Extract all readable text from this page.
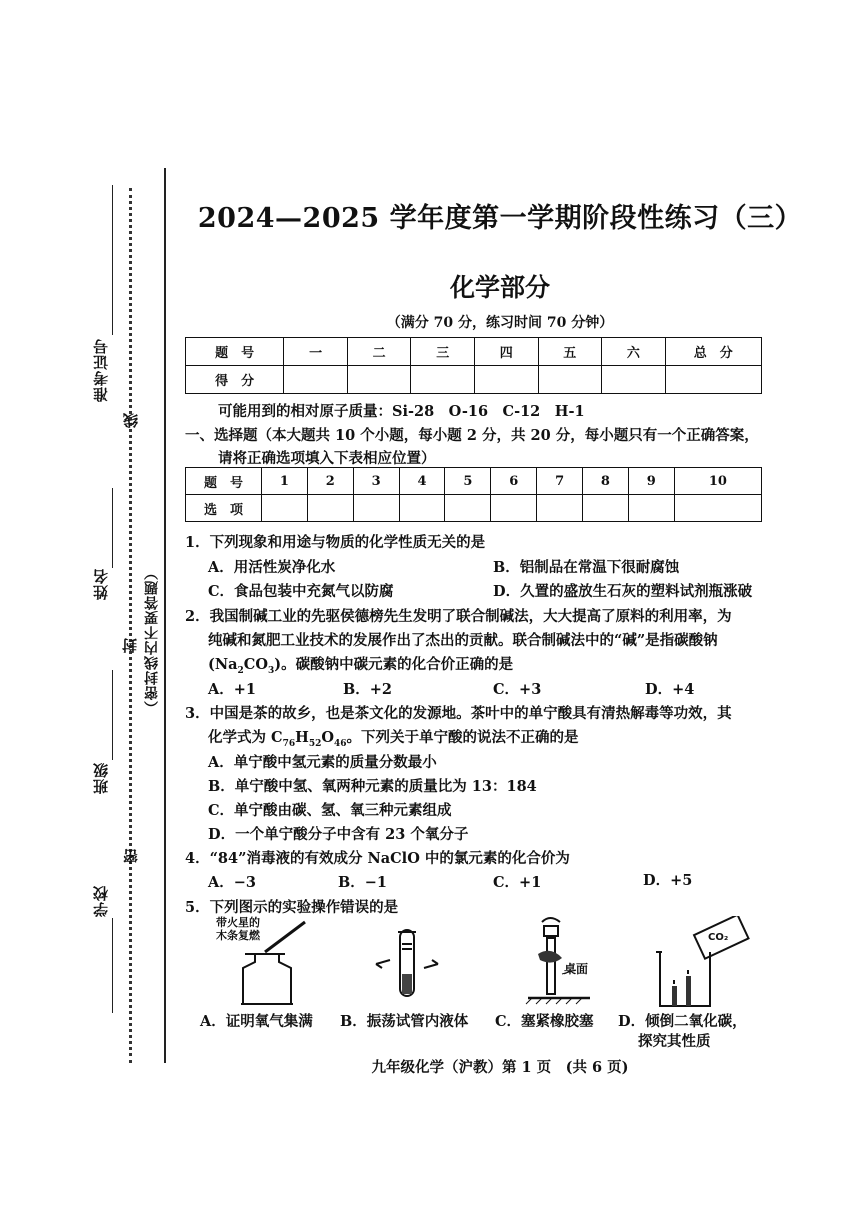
准考证号
线
姓名
封 （密封线内不要答题）
班级
密
学校
2024—2025 学年度第一学期阶段性练习（三）
化学部分
（满分 70 分，练习时间 70 分钟）
题　号	一	二	三	四	五	六	总　分
得　分							
可能用到的相对原子质量：Si-28　O-16　C-12　H-1
一、选择题（本大题共 10 个小题，每小题 2 分，共 20 分，每小题只有一个正确答案，
请将正确选项填入下表相应位置）
题　号	1	2	3	4	5	6	7	8	9	10
选　项										
1．下列现象和用途与物质的化学性质无关的是
A．用活性炭净化水	B．铝制品在常温下很耐腐蚀
C．食品包装中充氮气以防腐	D．久置的盛放生石灰的塑料试剂瓶涨破
2．我国制碱工业的先驱侯德榜先生发明了联合制碱法，大大提高了原料的利用率，为
纯碱和氮肥工业技术的发展作出了杰出的贡献。联合制碱法中的“碱”是指碳酸钠
$(Na_2CO_3)$。碳酸钠中碳元素的化合价正确的是
A．+1	B．+2	C．+3	D．+4
3．中国是茶的故乡，也是茶文化的发源地。茶叶中的单宁酸具有清热解毒等功效，其
化学式为 $C_{76}H_{52}O_{46}$。下列关于单宁酸的说法不正确的是
A．单宁酸中氢元素的质量分数最小
B．单宁酸中氢、氧两种元素的质量比为 13：184
C．单宁酸由碳、氢、氧三种元素组成
D．一个单宁酸分子中含有 23 个氧分子
4．“84”消毒液的有效成分 NaClO 中的氯元素的化合价为
A．−3	B．−1	C．+1	D．+5
5．下列图示的实验操作错误的是
带火星的
木条复燃
桌面
CO₂
A．证明氧气集满 B．振荡试管内液体 C．塞紧橡胶塞 D．倾倒二氧化碳，
探究其性质
九年级化学（沪教）第 1 页　(共 6 页)
